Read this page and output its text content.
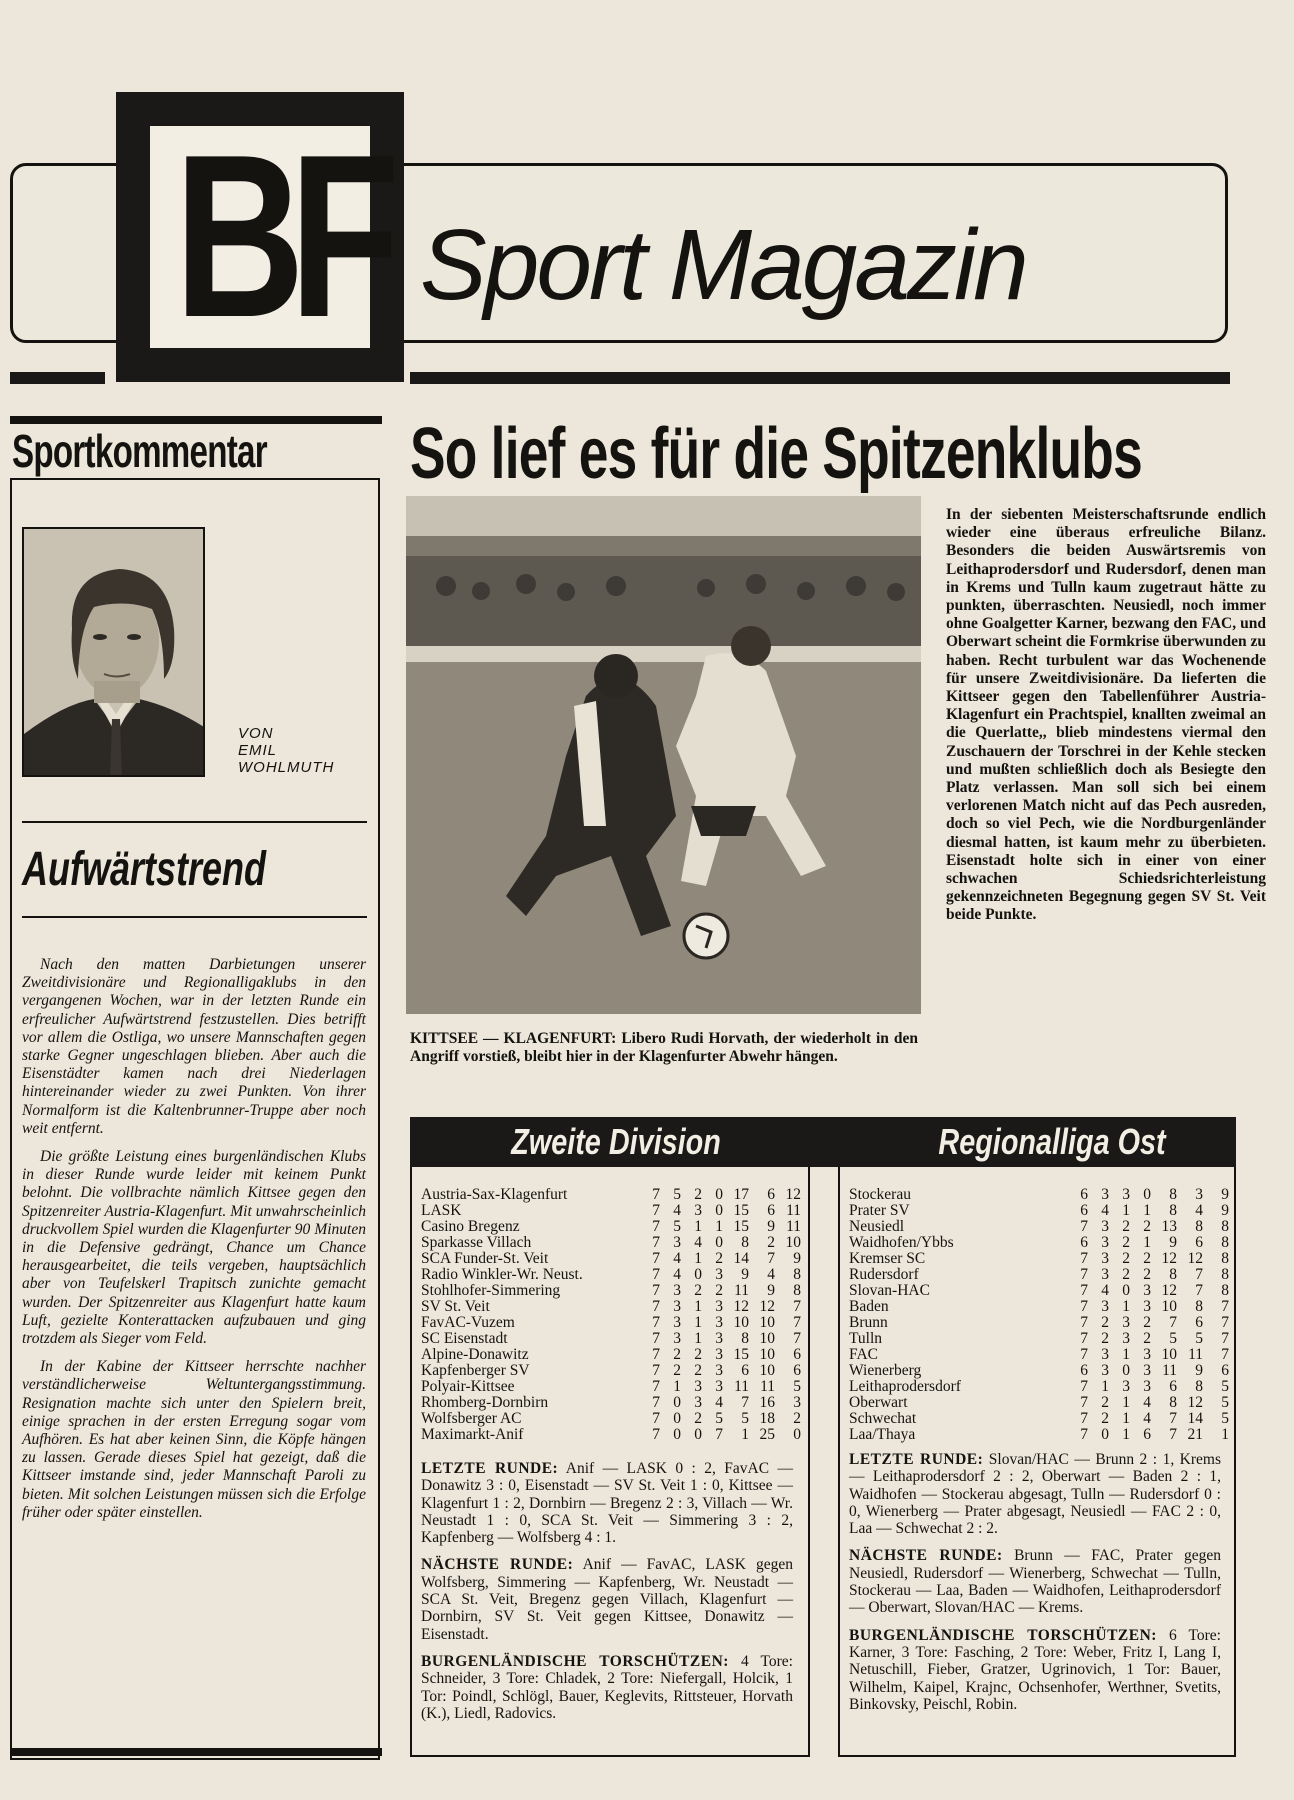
BF Sport Magazin
Sportkommentar
VON
EMIL
WOHLMUTH
Aufwärtstrend

Nach den matten Darbietungen unserer Zweitdivisionäre und Regionalligaklubs in den vergangenen Wochen, war in der letzten Runde ein erfreulicher Aufwärtstrend festzustellen. Dies betrifft vor allem die Ostliga, wo unsere Mannschaften gegen starke Gegner ungeschlagen blieben. Aber auch die Eisenstädter kamen nach drei Niederlagen hintereinander wieder zu zwei Punkten. Von ihrer Normalform ist die Kaltenbrunner-Truppe aber noch weit entfernt.

Die größte Leistung eines burgenländischen Klubs in dieser Runde wurde leider mit keinem Punkt belohnt. Die vollbrachte nämlich Kittsee gegen den Spitzenreiter Austria-Klagenfurt. Mit unwahrscheinlich druckvollem Spiel wurden die Klagenfurter 90 Minuten in die Defensive gedrängt, Chance um Chance herausgearbeitet, die teils vergeben, hauptsächlich aber von Teufelskerl Trapitsch zunichte gemacht wurden. Der Spitzenreiter aus Klagenfurt hatte kaum Luft, gezielte Konterattacken aufzubauen und ging trotzdem als Sieger vom Feld.

In der Kabine der Kittseer herrschte nachher verständlicherweise Weltuntergangsstimmung. Resignation machte sich unter den Spielern breit, einige sprachen in der ersten Erregung sogar vom Aufhören. Es hat aber keinen Sinn, die Köpfe hängen zu lassen. Gerade dieses Spiel hat gezeigt, daß die Kittseer imstande sind, jeder Mannschaft Paroli zu bieten. Mit solchen Leistungen müssen sich die Erfolge früher oder später einstellen.

So lief es für die Spitzenklubs
KITTSEE — KLAGENFURT: Libero Rudi Horvath, der wiederholt in den Angriff vorstieß, bleibt hier in der Klagenfurter Abwehr hängen.
In der siebenten Meisterschaftsrunde endlich wieder eine überaus erfreuliche Bilanz. Besonders die beiden Auswärtsremis von Leithaprodersdorf und Rudersdorf, denen man in Krems und Tulln kaum zugetraut hätte zu punkten, überraschten. Neusiedl, noch immer ohne Goalgetter Karner, bezwang den FAC, und Oberwart scheint die Formkrise überwunden zu haben. Recht turbulent war das Wochenende für unsere Zweitdivisionäre. Da lieferten die Kittseer gegen den Tabellenführer Austria-Klagenfurt ein Prachtspiel, knallten zweimal an die Querlatte,, blieb mindestens viermal den Zuschauern der Torschrei in der Kehle stecken und mußten schließlich doch als Besiegte den Platz verlassen. Man soll sich bei einem verlorenen Match nicht auf das Pech ausreden, doch so viel Pech, wie die Nordburgenländer diesmal hatten, ist kaum mehr zu überbieten. Eisenstadt holte sich in einer von einer schwachen Schiedsrichterleistung gekennzeichneten Begegnung gegen SV St. Veit beide Punkte.
Zweite Division
Austria-Sax-Klagenfurt	7	5	2	0	17	6	12
LASK	7	4	3	0	15	6	11
Casino Bregenz	7	5	1	1	15	9	11
Sparkasse Villach	7	3	4	0	8	2	10
SCA Funder-St. Veit	7	4	1	2	14	7	9
Radio Winkler-Wr. Neust.	7	4	0	3	9	4	8
Stohlhofer-Simmering	7	3	2	2	11	9	8
SV St. Veit	7	3	1	3	12	12	7
FavAC-Vuzem	7	3	1	3	10	10	7
SC Eisenstadt	7	3	1	3	8	10	7
Alpine-Donawitz	7	2	2	3	15	10	6
Kapfenberger SV	7	2	2	3	6	10	6
Polyair-Kittsee	7	1	3	3	11	11	5
Rhomberg-Dornbirn	7	0	3	4	7	16	3
Wolfsberger AC	7	0	2	5	5	18	2
Maximarkt-Anif	7	0	0	7	1	25	0

LETZTE RUNDE: Anif — LASK 0 : 2, FavAC — Donawitz 3 : 0, Eisenstadt — SV St. Veit 1 : 0, Kittsee — Klagenfurt 1 : 2, Dornbirn — Bregenz 2 : 3, Villach — Wr. Neustadt 1 : 0, SCA St. Veit — Simmering 3 : 2, Kapfenberg — Wolfsberg 4 : 1.

NÄCHSTE RUNDE: Anif — FavAC, LASK gegen Wolfsberg, Simmering — Kapfenberg, Wr. Neustadt — SCA St. Veit, Bregenz gegen Villach, Klagenfurt — Dornbirn, SV St. Veit gegen Kittsee, Donawitz — Eisenstadt.

BURGENLÄNDISCHE TORSCHÜTZEN: 4 Tore: Schneider, 3 Tore: Chladek, 2 Tore: Niefergall, Holcik, 1 Tor: Poindl, Schlögl, Bauer, Keglevits, Rittsteuer, Horvath (K.), Liedl, Radovics.

Regionalliga Ost
Stockerau	6	3	3	0	8	3	9
Prater SV	6	4	1	1	8	4	9
Neusiedl	7	3	2	2	13	8	8
Waidhofen/Ybbs	6	3	2	1	9	6	8
Kremser SC	7	3	2	2	12	12	8
Rudersdorf	7	3	2	2	8	7	8
Slovan-HAC	7	4	0	3	12	7	8
Baden	7	3	1	3	10	8	7
Brunn	7	2	3	2	7	6	7
Tulln	7	2	3	2	5	5	7
FAC	7	3	1	3	10	11	7
Wienerberg	6	3	0	3	11	9	6
Leithaprodersdorf	7	1	3	3	6	8	5
Oberwart	7	2	1	4	8	12	5
Schwechat	7	2	1	4	7	14	5
Laa/Thaya	7	0	1	6	7	21	1

LETZTE RUNDE: Slovan/HAC — Brunn 2 : 1, Krems — Leithaprodersdorf 2 : 2, Oberwart — Baden 2 : 1, Waidhofen — Stockerau abgesagt, Tulln — Rudersdorf 0 : 0, Wienerberg — Prater abgesagt, Neusiedl — FAC 2 : 0, Laa — Schwechat 2 : 2.

NÄCHSTE RUNDE: Brunn — FAC, Prater gegen Neusiedl, Rudersdorf — Wienerberg, Schwechat — Tulln, Stockerau — Laa, Baden — Waidhofen, Leithaprodersdorf — Oberwart, Slovan/HAC — Krems.

BURGENLÄNDISCHE TORSCHÜTZEN: 6 Tore: Karner, 3 Tore: Fasching, 2 Tore: Weber, Fritz I, Lang I, Netuschill, Fieber, Gratzer, Ugrinovich, 1 Tor: Bauer, Wilhelm, Kaipel, Krajnc, Ochsenhofer, Werthner, Svetits, Binkovsky, Peischl, Robin.
